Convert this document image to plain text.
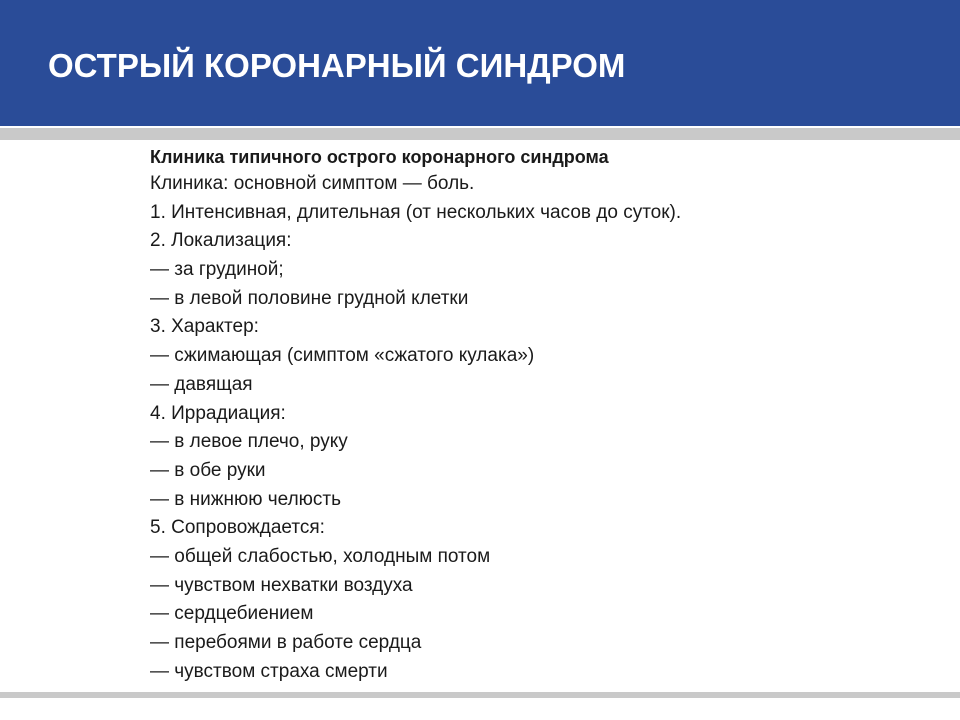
ОСТРЫЙ КОРОНАРНЫЙ СИНДРОМ
Клиника типичного острого коронарного синдрома
Клиника: основной симптом — боль.
1. Интенсивная, длительная (от нескольких часов до суток).
2. Локализация:
— за грудиной;
— в левой половине грудной клетки
3. Характер:
— сжимающая (симптом «сжатого кулака»)
— давящая
4. Иррадиация:
— в левое плечо, руку
— в обе руки
— в нижнюю челюсть
5. Сопровождается:
— общей слабостью, холодным потом
— чувством нехватки воздуха
— сердцебиением
— перебоями в работе сердца
— чувством страха смерти
